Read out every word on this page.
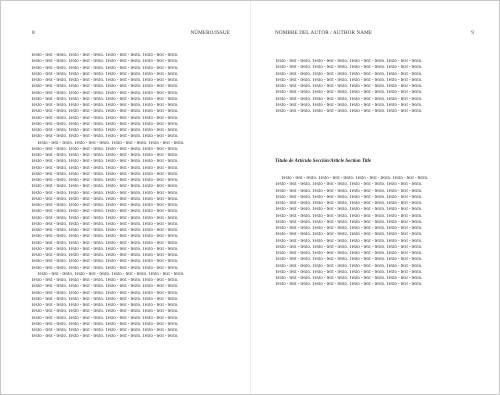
8	NÚMERO/ISSUE
Texto - text - texto. Texto - text - texto. Texto - text - texto. Texto - text - texto.
Texto - text - texto. Texto - text - texto. Texto - text - texto. Texto - text - texto.
Texto - text - texto. Texto - text - texto. Texto - text - texto. Texto - text - texto.
Texto - text - texto. Texto - text - texto. Texto - text - texto. Texto - text - texto.
Texto - text - texto. Texto - text - texto. Texto - text - texto. Texto - text - texto.
Texto - text - texto. Texto - text - texto. Texto - text - texto. Texto - text - texto.
Texto - text - texto. Texto - text - texto. Texto - text - texto. Texto - text - texto.
Texto - text - texto. Texto - text - texto. Texto - text - texto. Texto - text - texto.
Texto - text - texto. Texto - text - texto. Texto - text - texto. Texto - text - texto.
Texto - text - texto. Texto - text - texto. Texto - text - texto. Texto - text - texto.
Texto - text - texto. Texto - text - texto. Texto - text - texto. Texto - text - texto.
Texto - text - texto. Texto - text - texto. Texto - text - texto. Texto - text - texto.
Texto - text - texto. Texto - text - texto. Texto - text - texto. Texto - text - texto.
Texto - text - texto. Texto - text - texto. Texto - text - texto. Texto - text - texto.
Texto - text - texto. Texto - text - texto. Texto - text - texto. Texto - text - texto.
Texto - text - texto. Texto - text - texto. Texto - text - texto. Texto - text - texto.
Texto - text - texto. Texto - text - texto. Texto - text - texto. Texto - text - texto.
Texto - text - texto. Texto - text - texto. Texto - text - texto. Texto - text - texto.
Texto - text - texto. Texto - text - texto. Texto - text - texto. Texto - text - texto.
Texto - text - texto. Texto - text - texto. Texto - text - texto. Texto - text - texto.
Texto - text - texto. Texto - text - texto. Texto - text - texto. Texto - text - texto.
Texto - text - texto. Texto - text - texto. Texto - text - texto. Texto - text - texto.
Texto - text - texto. Texto - text - texto. Texto - text - texto. Texto - text - texto.
Texto - text - texto. Texto - text - texto. Texto - text - texto. Texto - text - texto.
Texto - text - texto. Texto - text - texto. Texto - text - texto. Texto - text - texto.
Texto - text - texto. Texto - text - texto. Texto - text - texto. Texto - text - texto.
Texto - text - texto. Texto - text - texto. Texto - text - texto. Texto - text - texto.
Texto - text - texto. Texto - text - texto. Texto - text - texto. Texto - text - texto.
Texto - text - texto. Texto - text - texto. Texto - text - texto. Texto - text - texto.
Texto - text - texto. Texto - text - texto. Texto - text - texto. Texto - text - texto.
Texto - text - texto. Texto - text - texto. Texto - text - texto. Texto - text - texto.
Texto - text - texto. Texto - text - texto. Texto - text - texto. Texto - text - texto.
Texto - text - texto. Texto - text - texto. Texto - text - texto. Texto - text - texto.
Texto - text - texto. Texto - text - texto. Texto - text - texto. Texto - text - texto.
Texto - text - texto. Texto - text - texto. Texto - text - texto. Texto - text - texto.
Texto - text - texto. Texto - text - texto. Texto - text - texto. Texto - text - texto.
Texto - text - texto. Texto - text - texto. Texto - text - texto. Texto - text - texto.
Texto - text - texto. Texto - text - texto. Texto - text - texto. Texto - text - texto.
Texto - text - texto. Texto - text - texto. Texto - text - texto. Texto - text - texto.
Texto - text - texto. Texto - text - texto. Texto - text - texto. Texto - text - texto.
Texto - text - texto. Texto - text - texto. Texto - text - texto. Texto - text - texto.
Texto - text - texto. Texto - text - texto. Texto - text - texto. Texto - text - texto.
Texto - text - texto. Texto - text - texto. Texto - text - texto. Texto - text - texto.
Texto - text - texto. Texto - text - texto. Texto - text - texto. Texto - text - texto.
Texto - text - texto. Texto - text - texto. Texto - text - texto. Texto - text - texto.
Texto - text - texto. Texto - text - texto. Texto - text - texto. Texto - text - texto.
NOMBRE DEL AUTOR / AUTHOR NAME	9
Texto - text - texto. Texto - text - texto. Texto - text - texto. Texto - text - texto.
Texto - text - texto. Texto - text - texto. Texto - text - texto. Texto - text - texto.
Texto - text - texto. Texto - text - texto. Texto - text - texto. Texto - text - texto.
Texto - text - texto. Texto - text - texto. Texto - text - texto. Texto - text - texto.
Texto - text - texto. Texto - text - texto. Texto - text - texto. Texto - text - texto.
Texto - text - texto. Texto - text - texto. Texto - text - texto. Texto - text - texto.
Texto - text - texto. Texto - text - texto. Texto - text - texto. Texto - text - texto.
Texto - text - texto. Texto - text - texto. Texto - text - texto. Texto - text - texto.
Texto - text - texto. Texto - text - texto. Texto - text - texto. Texto - text - texto.
Título de Artículo Sección/Article Section Title
Texto - text - texto. Texto - text - texto. Texto - text - texto. Texto - text - texto.
Texto - text - texto. Texto - text - texto. Texto - text - texto. Texto - text - texto.
Texto - text - texto. Texto - text - texto. Texto - text - texto. Texto - text - texto.
Texto - text - texto. Texto - text - texto. Texto - text - texto. Texto - text - texto.
Texto - text - texto. Texto - text - texto. Texto - text - texto. Texto - text - texto.
Texto - text - texto. Texto - text - texto. Texto - text - texto. Texto - text - texto.
Texto - text - texto. Texto - text - texto. Texto - text - texto. Texto - text - texto.
Texto - text - texto. Texto - text - texto. Texto - text - texto. Texto - text - texto.
Texto - text - texto. Texto - text - texto. Texto - text - texto. Texto - text - texto.
Texto - text - texto. Texto - text - texto. Texto - text - texto. Texto - text - texto.
Texto - text - texto. Texto - text - texto. Texto - text - texto. Texto - text - texto.
Texto - text - texto. Texto - text - texto. Texto - text - texto. Texto - text - texto.
Texto - text - texto. Texto - text - texto. Texto - text - texto. Texto - text - texto.
Texto - text - texto. Texto - text - texto. Texto - text - texto. Texto - text - texto.
Texto - text - texto. Texto - text - texto. Texto - text - texto. Texto - text - texto.
Texto - text - texto. Texto - text - texto. Texto - text - texto. Texto - text - texto.
Texto - text - texto. Texto - text - texto. Texto - text - texto. Texto - text - texto.
Texto - text - texto. Texto - text - texto. Texto - text - texto. Texto - text - texto.
